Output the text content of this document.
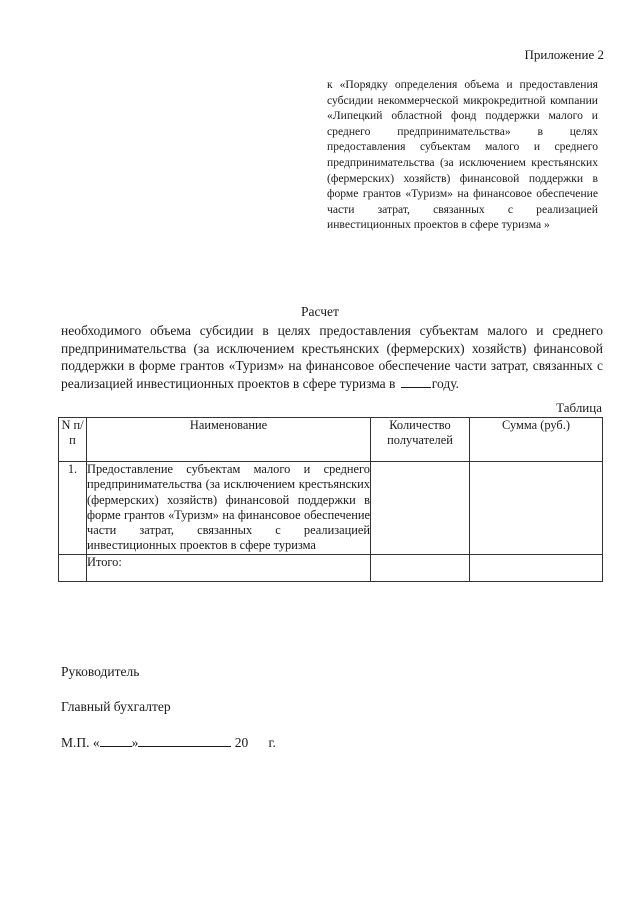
Приложение 2
к «Порядку определения объема и предоставления субсидии некоммерческой микрокредитной компании «Липецкий областной фонд поддержки малого и среднего предпринимательства» в целях предоставления субъектам малого и среднего предпринимательства (за исключением крестьянских (фермерских) хозяйств) финансовой поддержки в форме грантов «Туризм» на финансовое обеспечение части затрат, связанных с реализацией инвестиционных проектов в сфере туризма »
Расчет
необходимого объема субсидии в целях предоставления субъектам малого и среднего предпринимательства (за исключением крестьянских (фермерских) хозяйств) финансовой поддержки в форме грантов «Туризм» на финансовое обеспечение части затрат, связанных с реализацией инвестиционных проектов в сфере туризма в	году.
Таблица
N п/п	Наименование	Количество получателей	Сумма (руб.)
1.	Предоставление субъектам малого и среднего предпринимательства (за исключением крестьянских (фермерских) хозяйств) финансовой поддержки в форме грантов «Туризм» на финансовое обеспечение части затрат, связанных с реализацией инвестиционных проектов в сфере туризма		
	Итого:		
Руководитель
Главный бухгалтер
М.П. « »	20      г.
